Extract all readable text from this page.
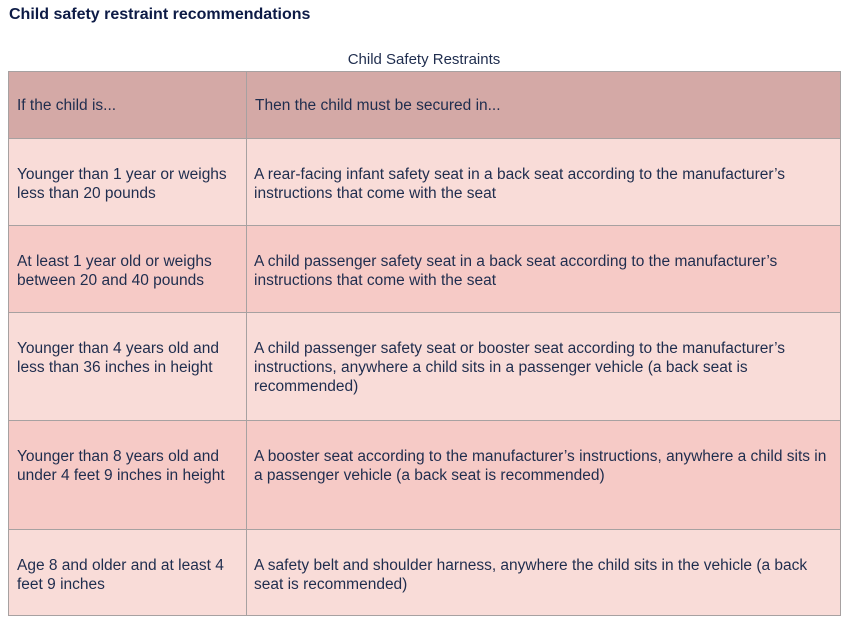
Child safety restraint recommendations
Child Safety Restraints
If the child is...	Then the child must be secured in...
Younger than 1 year or weighs less than 20 pounds	A rear-facing infant safety seat in a back seat according to the manufacturer’s instructions that come with the seat
At least 1 year old or weighs between 20 and 40 pounds	A child passenger safety seat in a back seat according to the manufacturer’s instructions that come with the seat
Younger than 4 years old and less than 36 inches in height	A child passenger safety seat or booster seat according to the manufacturer’s instructions, anywhere a child sits in a passenger vehicle (a back seat is recommended)
Younger than 8 years old and under 4 feet 9 inches in height	A booster seat according to the manufacturer’s instructions, anywhere a child sits in a passenger vehicle (a back seat is recommended)
Age 8 and older and at least 4 feet 9 inches	A safety belt and shoulder harness, anywhere the child sits in the vehicle (a back seat is recommended)
